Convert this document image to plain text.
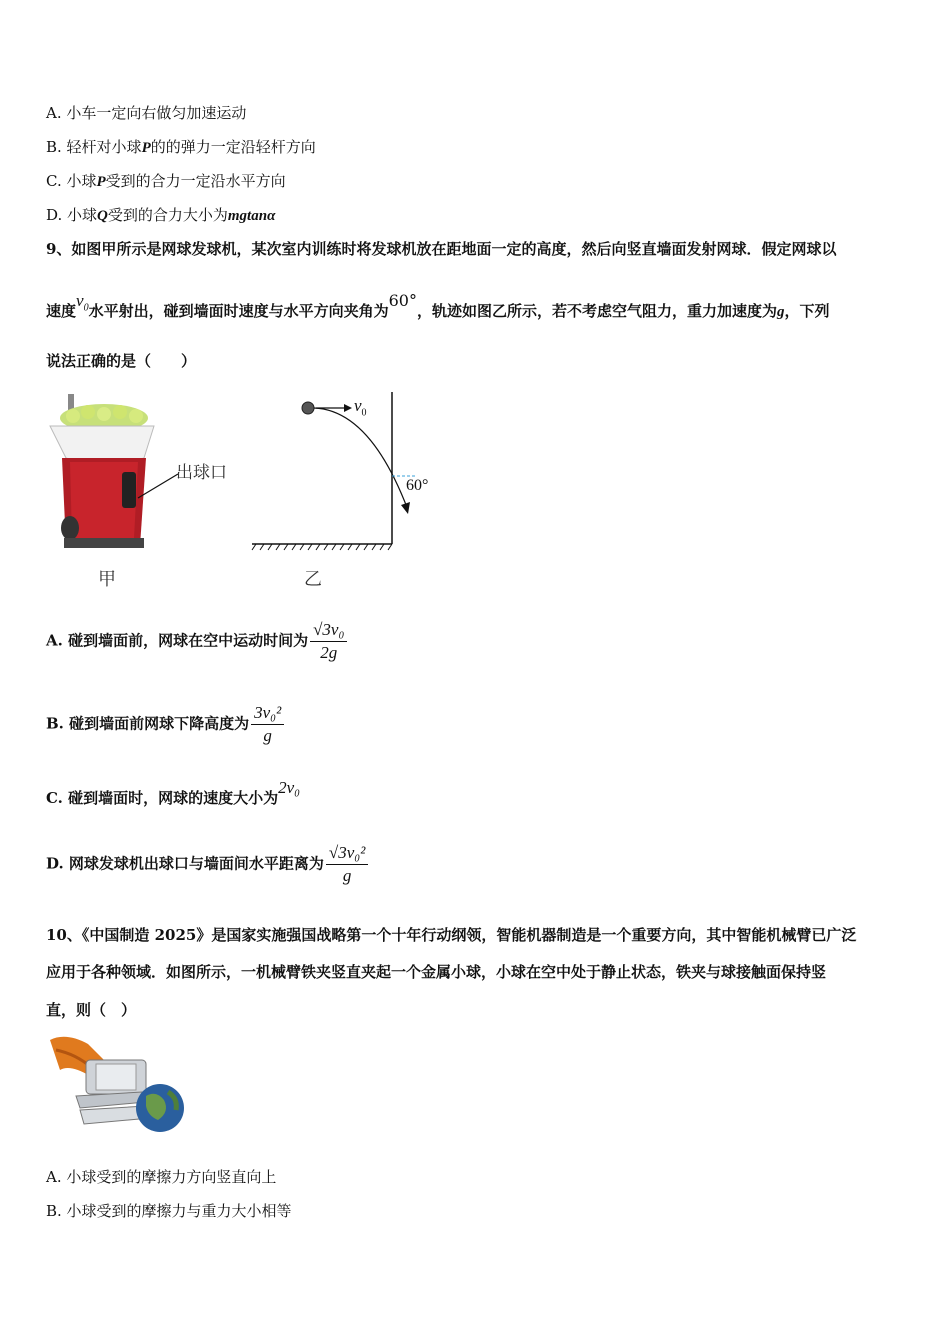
A. 小车一定向右做匀加速运动
B. 轻杆对小球P的的弹力一定沿轻杆方向
C. 小球P受到的合力一定沿水平方向
D. 小球Q受到的合力大小为mgtanα
9、如图甲所示是网球发球机，某次室内训练时将发球机放在距地面一定的高度，然后向竖直墙面发射网球．假定网球以
速度$v_0$水平射出，碰到墙面时速度与水平方向夹角为60°，轨迹如图乙所示，若不考虑空气阻力，重力加速度为g，下列
说法正确的是（　　）
出球口
甲
$v_0$
60°
乙
A. 碰到墙面前，网球在空中运动时间为 $\frac{\text{√3v₀}}{2g}$
B. 碰到墙面前网球下降高度为 $\frac{\text{3v₀²}}{g}$
C. 碰到墙面时，网球的速度大小为2v₀
D. 网球发球机出球口与墙面间水平距离为 $\frac{\text{√3v₀²}}{g}$
10、《中国制造 2025》是国家实施强国战略第一个十年行动纲领，智能机器制造是一个重要方向，其中智能机械臂已广泛
应用于各种领域．如图所示，一机械臂铁夹竖直夹起一个金属小球，小球在空中处于静止状态，铁夹与球接触面保持竖
直，则（　）
A. 小球受到的摩擦力方向竖直向上
B. 小球受到的摩擦力与重力大小相等
